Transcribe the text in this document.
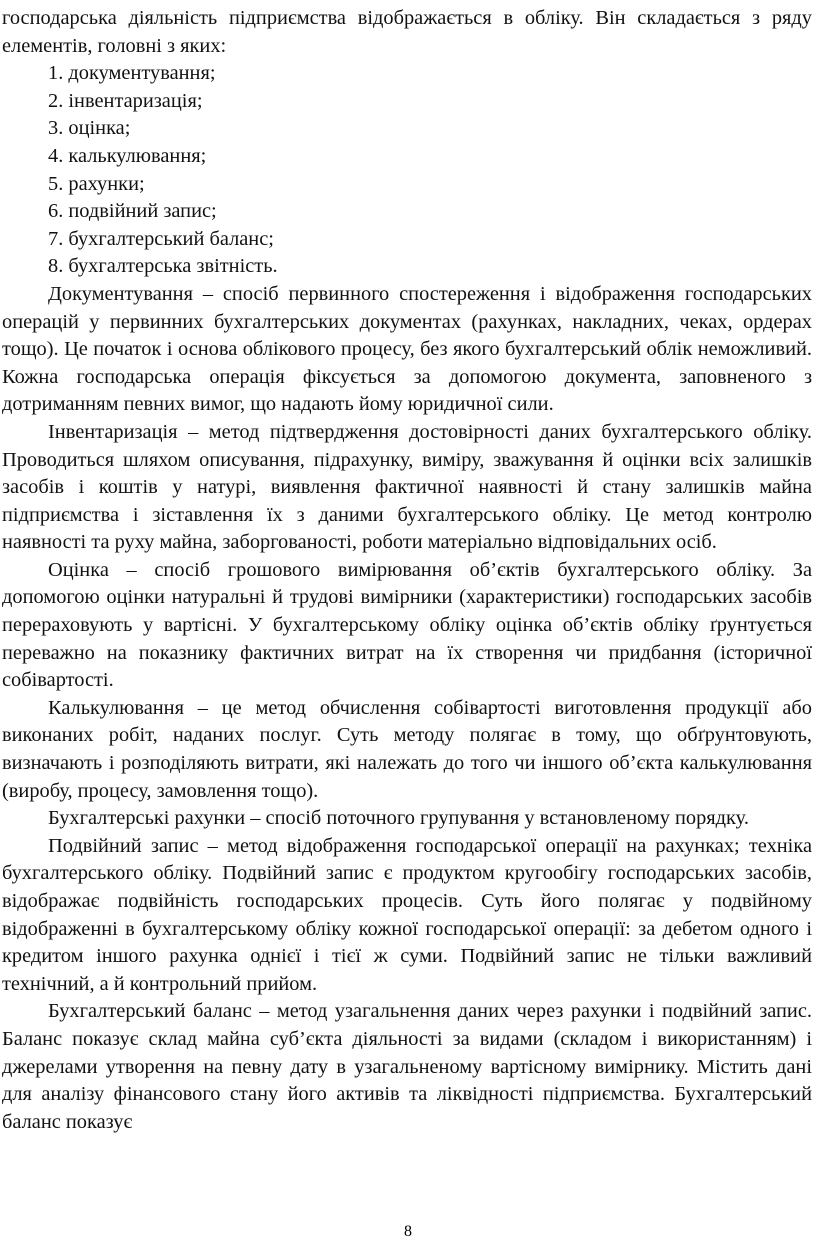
господарська діяльність підприємства відображається в обліку. Він складається з ряду елементів, головні з яких:

1. документування;
2. інвентаризація;
3. оцінка;
4. калькулювання;
5. рахунки;
6. подвійний запис;
7. бухгалтерський баланс;
8. бухгалтерська звітність.

Документування – спосіб первинного спостереження і відображення господарських операцій у первинних бухгалтерських документах (рахунках, накладних, чеках, ордерах тощо). Це початок і основа облікового процесу, без якого бухгалтерський облік неможливий. Кожна господарська операція фіксується за допомогою документа, заповненого з дотриманням певних вимог, що надають йому юридичної сили.

Інвентаризація – метод підтвердження достовірності даних бухгалтерського обліку. Проводиться шляхом описування, підрахунку, виміру, зважування й оцінки всіх залишків засобів і коштів у натурі, виявлення фактичної наявності й стану залишків майна підприємства і зіставлення їх з даними бухгалтерського обліку. Це метод контролю наявності та руху майна, заборгованості, роботи матеріально відповідальних осіб.

Оцінка – спосіб грошового вимірювання об’єктів бухгалтерського обліку. За допомогою оцінки натуральні й трудові вимірники (характеристики) господарських засобів перераховують у вартісні. У бухгалтерському обліку оцінка об’єктів обліку ґрунтується переважно на показнику фактичних витрат на їх створення чи придбання (історичної собівартості.

Калькулювання – це метод обчислення собівартості виготовлення продукції або виконаних робіт, наданих послуг. Суть методу полягає в тому, що обґрунтовують, визначають і розподіляють витрати, які належать до того чи іншого об’єкта калькулювання (виробу, процесу, замовлення тощо).

Бухгалтерські рахунки – спосіб поточного групування у встановленому порядку.

Подвійний запис – метод відображення господарської операції на рахунках; техніка бухгалтерського обліку. Подвійний запис є продуктом кругообігу господарських засобів, відображає подвійність господарських процесів. Суть його полягає у подвійному відображенні в бухгалтерському обліку кожної господарської операції: за дебетом одного і кредитом іншого рахунка однієї і тієї ж суми. Подвійний запис не тільки важливий технічний, а й контрольний прийом.

Бухгалтерський баланс – метод узагальнення даних через рахунки і подвійний запис. Баланс показує склад майна суб’єкта діяльності за видами (складом і використанням) і джерелами утворення на певну дату в узагальненому вартісному вимірнику. Містить дані для аналізу фінансового стану його активів та ліквідності підприємства. Бухгалтерський баланс показує

8
